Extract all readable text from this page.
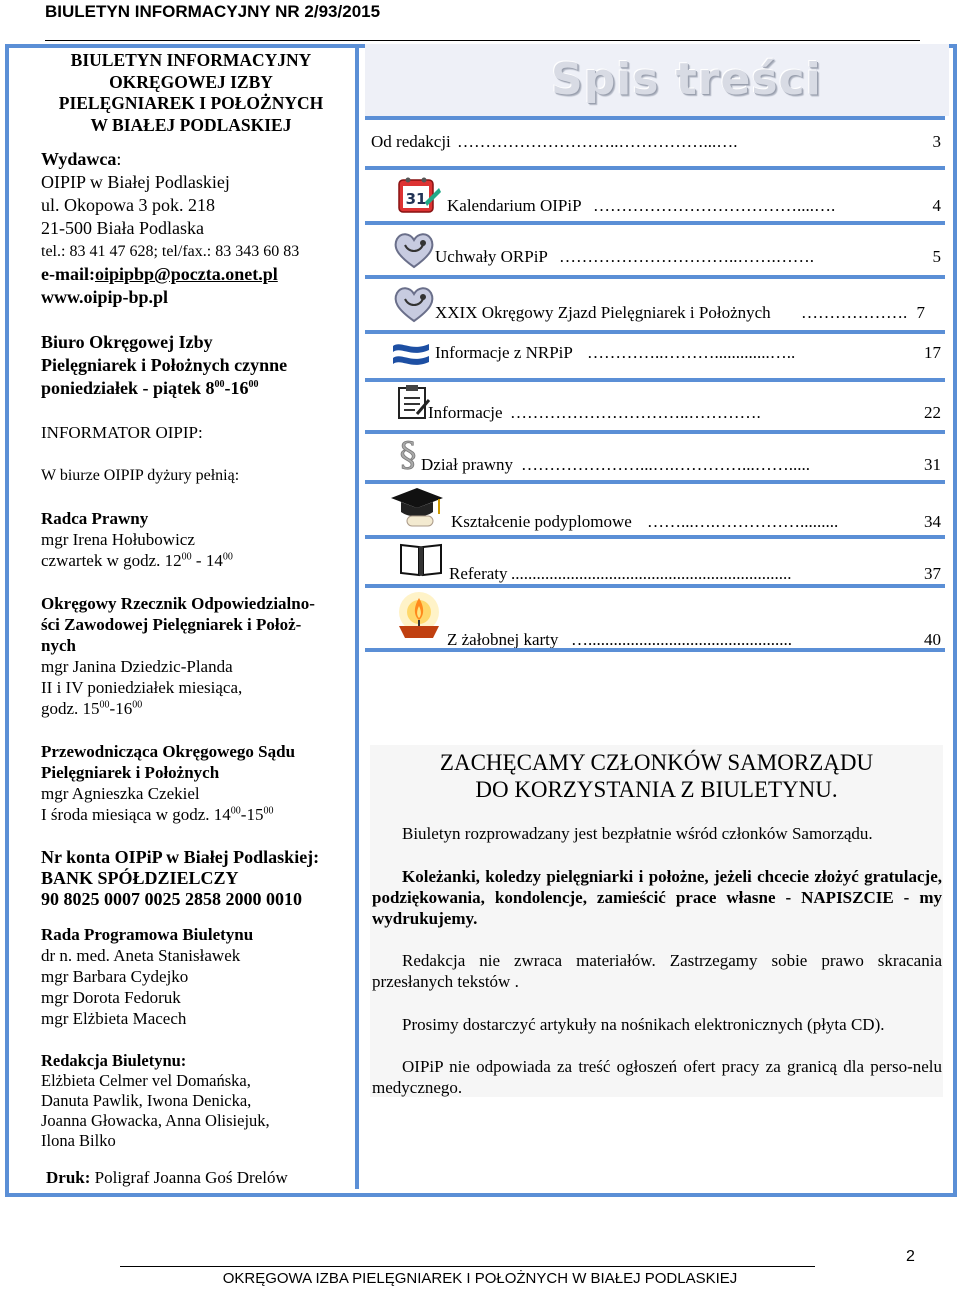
BIULETYN INFORMACYJNY NR 2/93/2015
BIULETYN INFORMACYJNY
OKRĘGOWEJ IZBY
PIELĘGNIAREK I POŁOŻNYCH
W BIAŁEJ PODLASKIEJ
Wydawca:
OIPIP w Białej Podlaskiej
ul. Okopowa 3 pok. 218
21-500 Biała Podlaska
tel.: 83 41 47 628; tel/fax.: 83 343 60 83
e-mail:oipipbp@poczta.onet.pl
www.oipip-bp.pl
Biuro Okręgowej Izby
Pielęgniarek i Położnych czynne
poniedziałek - piątek $8^{00}-16^{00}$
INFORMATOR OIPIP:
W biurze OIPIP dyżury pełnią:
Radca Prawny
mgr Irena Hołubowicz
czwartek w godz. $12^{00} - 14^{00}$
Okręgowy Rzecznik Odpowiedzialno-
ści Zawodowej Pielęgniarek i Położ-
nych
mgr Janina Dziedzic-Planda
II i IV poniedziałek miesiąca,
godz. $15^{00}-16^{00}$
Przewodnicząca Okręgowego Sądu
Pielęgniarek i Położnych
mgr Agnieszka Czekiel
I środa miesiąca w godz. $14^{00}-15^{00}$
Nr konta OIPiP w Białej Podlaskiej:
BANK SPÓŁDZIELCZY
90 8025 0007 0025 2858 2000 0010
Rada Programowa Biuletynu
dr n. med. Aneta Stanisławek
mgr Barbara Cydejko
mgr Dorota Fedoruk
mgr Elżbieta Macech
Redakcja Biuletynu:
Elżbieta Celmer vel Domańska,
Danuta Pawlik, Iwona Denicka,
Joanna Głowacka, Anna Olisiejuk,
Ilona Bilko
Druk: Poligraf Joanna Goś Drelów
Spis treści
Od redakcji ………………………..……………...….	3
31 Kalendarium OIPiP ………………………………....….	4
Uchwały ORPiP …………………………..…….…….	5
XXIX Okręgowy Zjazd Pielęgniarek i Położnych ………………. 7
Informacje z NRPiP …………..……….............…..	17
Informacje …………………………..………….	22
§ Dział prawny …………………...….…………...…….....	31
Kształcenie podyplomowe ……...….…………….........	34
Referaty ..................................................................	37
Z żałobnej karty …................................................	40
ZACHĘCAMY CZŁONKÓW SAMORZĄDU
DO KORZYSTANIA Z BIULETYNU.
Biuletyn rozprowadzany jest bezpłatnie wśród członków Samorządu.
Koleżanki, koledzy pielęgniarki i położne, jeżeli chcecie złożyć gratulacje, podziękowania, kondolencje, zamieścić prace własne - NAPISZCIE - my wydrukujemy.
Redakcja nie zwraca materiałów. Zastrzegamy sobie prawo skracania przesłanych tekstów .
Prosimy dostarczyć artykuły na nośnikach elektronicznych (płyta CD).
OIPiP nie odpowiada za treść ogłoszeń ofert pracy za granicą dla perso-nelu medycznego.
2
OKRĘGOWA IZBA PIELĘGNIAREK I POŁOŻNYCH W BIAŁEJ PODLASKIEJ
